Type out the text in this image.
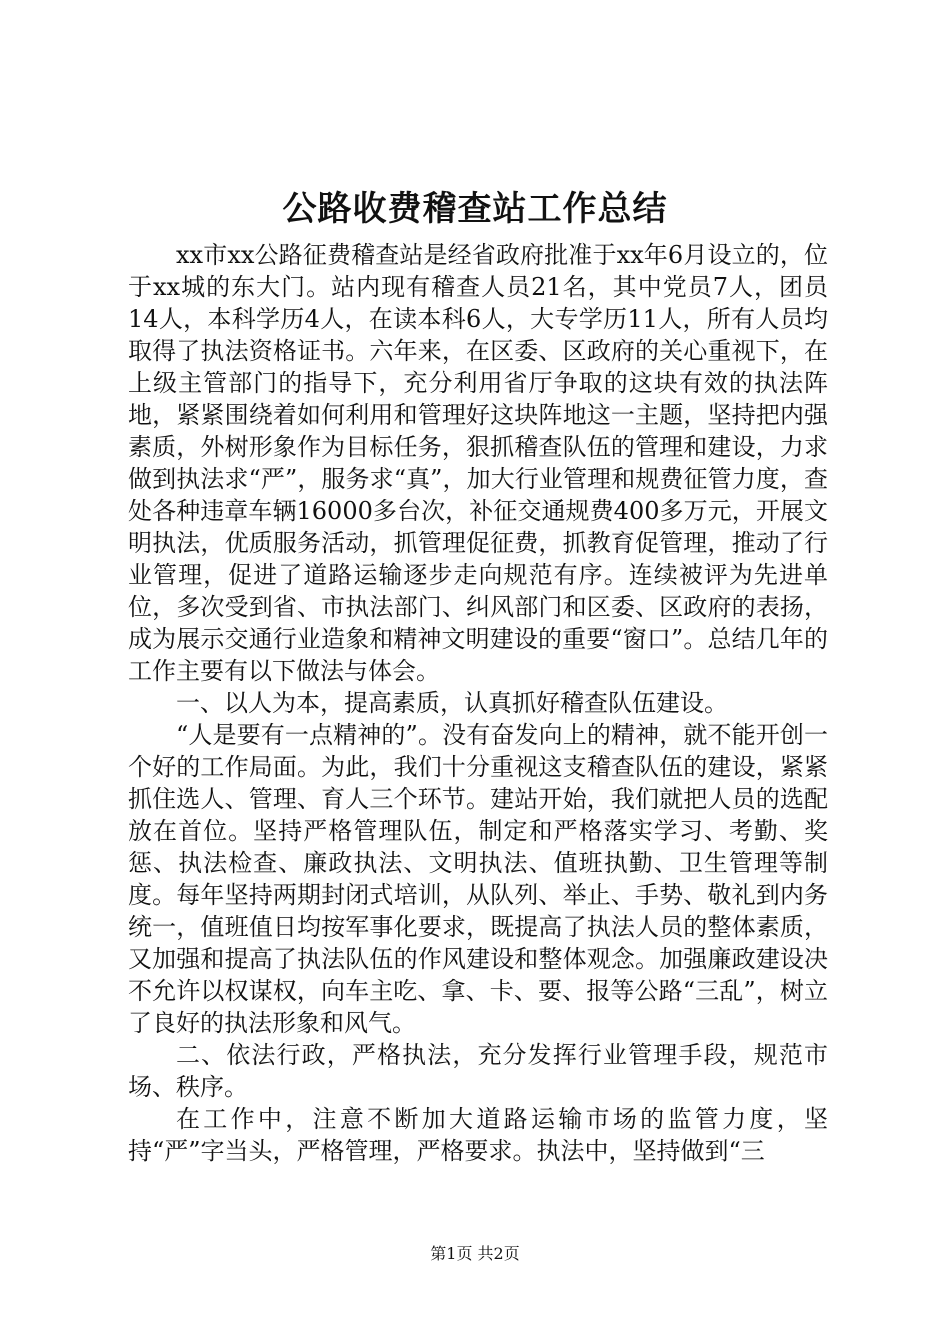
公路收费稽查站工作总结

xx市xx公路征费稽查站是经省政府批准于xx年6月设立的，位于xx城的东大门。站内现有稽查人员21名，其中党员7人，团员14人，本科学历4人，在读本科6人，大专学历11人，所有人员均取得了执法资格证书。六年来，在区委、区政府的关心重视下，在上级主管部门的指导下，充分利用省厅争取的这块有效的执法阵地，紧紧围绕着如何利用和管理好这块阵地这一主题，坚持把内强素质，外树形象作为目标任务，狠抓稽查队伍的管理和建设，力求做到执法求“严”，服务求“真”，加大行业管理和规费征管力度，查处各种违章车辆16000多台次，补征交通规费400多万元，开展文明执法，优质服务活动，抓管理促征费，抓教育促管理，推动了行业管理，促进了道路运输逐步走向规范有序。连续被评为先进单位，多次受到省、市执法部门、纠风部门和区委、区政府的表扬，成为展示交通行业造象和精神文明建设的重要“窗口”。总结几年的工作主要有以下做法与体会。

一、以人为本，提高素质，认真抓好稽查队伍建设。

“人是要有一点精神的”。没有奋发向上的精神，就不能开创一个好的工作局面。为此，我们十分重视这支稽查队伍的建设，紧紧抓住选人、管理、育人三个环节。建站开始，我们就把人员的选配放在首位。坚持严格管理队伍，制定和严格落实学习、考勤、奖惩、执法检查、廉政执法、文明执法、值班执勤、卫生管理等制度。每年坚持两期封闭式培训，从队列、举止、手势、敬礼到内务统一，值班值日均按军事化要求，既提高了执法人员的整体素质，又加强和提高了执法队伍的作风建设和整体观念。加强廉政建设决不允许以权谋权，向车主吃、拿、卡、要、报等公路“三乱”，树立了良好的执法形象和风气。

二、依法行政，严格执法，充分发挥行业管理手段，规范市场、秩序。

在工作中，注意不断加大道路运输市场的监管力度，坚持“严”字当头，严格管理，严格要求。执法中，坚持做到“三

第1页 共2页
